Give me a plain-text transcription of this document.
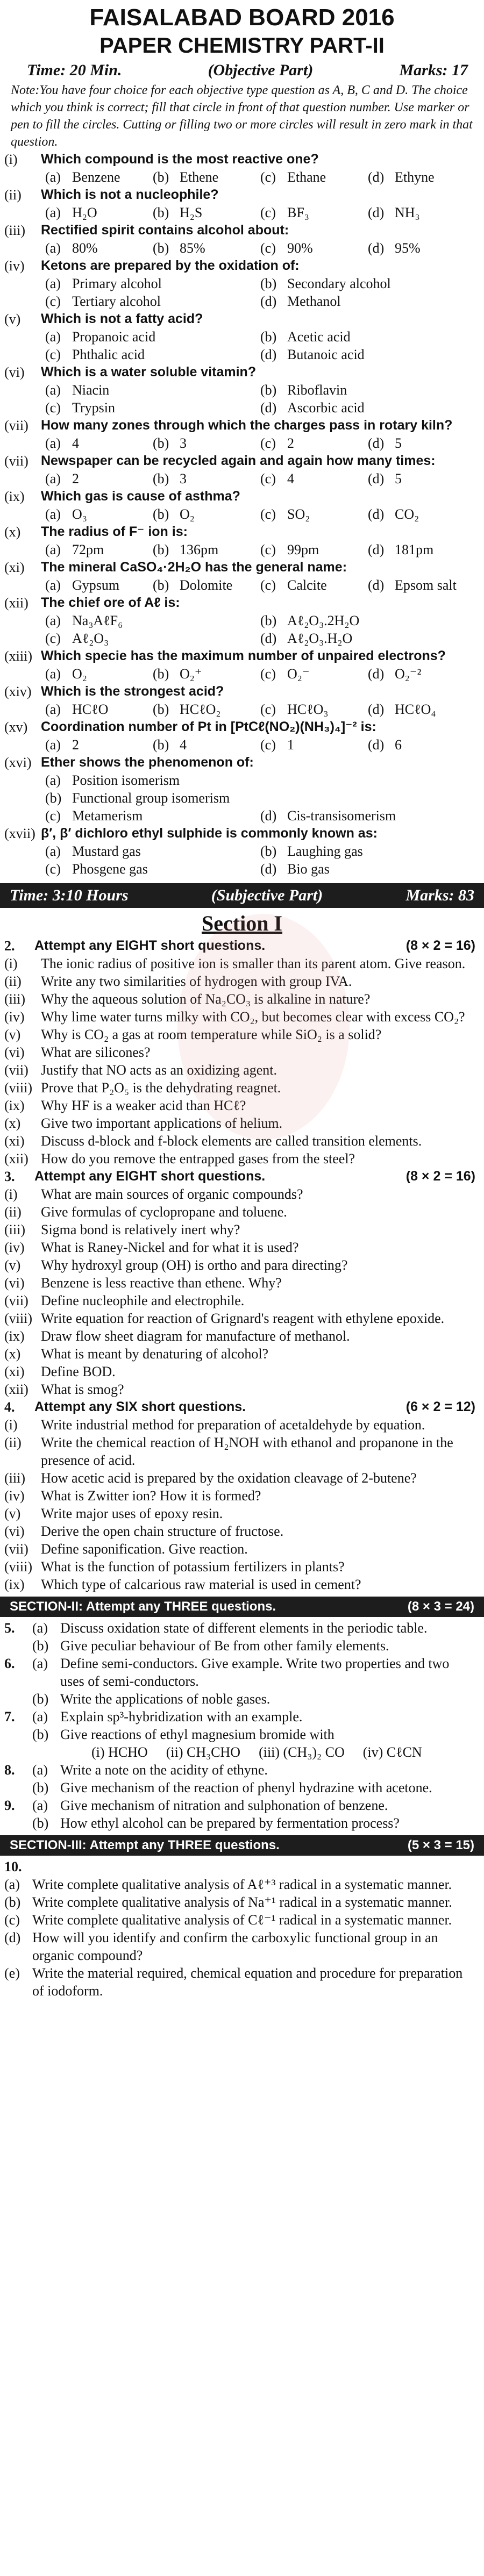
FAISALABAD BOARD 2016
PAPER CHEMISTRY PART-II
Time: 20 Min.	(Objective Part)	Marks: 17
Note:You have four choice for each objective type question as A, B, C and D. The choice which you think is correct; fill that circle in front of that question number. Use marker or pen to fill the circles. Cutting or filling two or more circles will result in zero mark in that question.
(i)	Which compound is the most reactive one?
(a) Benzene (b) Ethene	(c) Ethane	(d) Ethyne
(ii)	Which is not a nucleophile?
(a) H₂O	(b) H₂S	(c) BF₃	(d) NH₃
(iii)	Rectified spirit contains alcohol about:
(a) 80%	(b) 85%	(c) 90%	(d) 95%
(iv)	Ketons are prepared by the oxidation of:
(a) Primary alcohol	(b) Secondary alcohol
(c) Tertiary alcohol	(d) Methanol
(v)	Which is not a fatty acid?
(a) Propanoic acid	(b) Acetic acid
(c) Phthalic acid	(d) Butanoic acid
(vi)	Which is a water soluble vitamin?
(a) Niacin	(b) Riboflavin
(c) Trypsin	(d) Ascorbic acid
(vii) How many zones through which the charges pass in rotary kiln?
(a) 4	(b) 3	(c) 2	(d) 5
(vii) Newspaper can be recycled again and again how many times:
(a) 2	(b) 3	(c) 4	(d) 5
(ix)	Which gas is cause of asthma?
(a) O₃	(b) O₂	(c) SO₂	(d) CO₂
(x)	The radius of F⁻ ion is:
(a) 72pm	(b) 136pm	(c) 99pm	(d) 181pm
(xi)	The mineral CaSO₄·2H₂O has the general name:
(a) Gypsum (b) Dolomite (c) Calcite	(d) Epsom salt
(xii) The chief ore of Aℓ is:
(a) Na₃AℓF₆	(b) Aℓ₂O₃.2H₂O
(c) Aℓ₂O₃	(d) Aℓ₂O₃.H₂O
(xiii) Which specie has the maximum number of unpaired electrons?
(a) O₂	(b) O₂⁺	(c) O₂⁻	(d) O₂⁻²
(xiv) Which is the strongest acid?
(a) HCℓO	(b) HCℓO₂	(c) HCℓO₃	(d) HCℓO₄
(xv) Coordination number of Pt in [PtCℓ(NO₂)(NH₃)₄]⁻² is:
(a) 2	(b) 4	(c) 1	(d) 6
(xvi) Ether shows the phenomenon of:
(a) Position isomerism
(b) Functional group isomerism
(c) Metamerism	(d) Cis-transisomerism
(xvii) β′, β′ dichloro ethyl sulphide is commonly known as:
(a) Mustard gas	(b) Laughing gas
(c) Phosgene gas	(d) Bio gas
Time: 3:10 Hours	(Subjective Part)	Marks: 83
Section I
2.	Attempt any EIGHT short questions.	(8 × 2 = 16)
(i)	The ionic radius of positive ion is smaller than its parent atom. Give reason.
(ii)	Write any two similarities of hydrogen with group IVA.
(iii)	Why the aqueous solution of Na₂CO₃ is alkaline in nature?
(iv)	Why lime water turns milky with CO₂, but becomes clear with excess CO₂?
(v)	Why is CO₂ a gas at room temperature while SiO₂ is a solid?
(vi)	What are silicones?
(vii) Justify that NO acts as an oxidizing agent.
(viii) Prove that P₂O₅ is the dehydrating reagnet.
(ix)	Why HF is a weaker acid than HCℓ?
(x)	Give two important applications of helium.
(xi)	Discuss d-block and f-block elements are called transition elements.
(xii) How do you remove the entrapped gases from the steel?
3.	Attempt any EIGHT short questions.	(8 × 2 = 16)
(i)	What are main sources of organic compounds?
(ii)	Give formulas of cyclopropane and toluene.
(iii)	Sigma bond is relatively inert why?
(iv)	What is Raney-Nickel and for what it is used?
(v)	Why hydroxyl group (OH) is ortho and para directing?
(vi)	Benzene is less reactive than ethene. Why?
(vii) Define nucleophile and electrophile.
(viii) Write equation for reaction of Grignard's reagent with ethylene epoxide.
(ix)	Draw flow sheet diagram for manufacture of methanol.
(x)	What is meant by denaturing of alcohol?
(xi)	Define BOD.
(xii) What is smog?
4.	Attempt any SIX short questions.	(6 × 2 = 12)
(i)	Write industrial method for preparation of acetaldehyde by equation.
(ii)	Write the chemical reaction of H₂NOH with ethanol and propanone in the presence of acid.
(iii)	How acetic acid is prepared by the oxidation cleavage of 2-butene?
(iv)	What is Zwitter ion? How it is formed?
(v)	Write major uses of epoxy resin.
(vi)	Derive the open chain structure of fructose.
(vii) Define saponification. Give reaction.
(viii) What is the function of potassium fertilizers in plants?
(ix)	Which type of calcarious raw material is used in cement?
SECTION-II: Attempt any THREE questions.	(8 × 3 = 24)
5.	(a) Discuss oxidation state of different elements in the periodic table.
(b) Give peculiar behaviour of Be from other family elements.
6.	(a) Define semi-conductors. Give example. Write two properties and two uses of semi-conductors.
(b) Write the applications of noble gases.
7.	(a) Explain sp³-hybridization with an example.
(b) Give reactions of ethyl magnesium bromide with
(i) HCHO (ii) CH₃CHO (iii) (CH₃)₂ CO (iv) CℓCN
8.	(a) Write a note on the acidity of ethyne.
(b) Give mechanism of the reaction of phenyl hydrazine with acetone.
9.	(a) Give mechanism of nitration and sulphonation of benzene.
(b) How ethyl alcohol can be prepared by fermentation process?
SECTION-III: Attempt any THREE questions.	(5 × 3 = 15)
10.
(a) Write complete qualitative analysis of Aℓ⁺³ radical in a systematic manner.
(b) Write complete qualitative analysis of Na⁺¹ radical in a systematic manner.
(c) Write complete qualitative analysis of Cℓ⁻¹ radical in a systematic manner.
(d) How will you identify and confirm the carboxylic functional group in an organic compound?
(e) Write the material required, chemical equation and procedure for preparation of iodoform.
